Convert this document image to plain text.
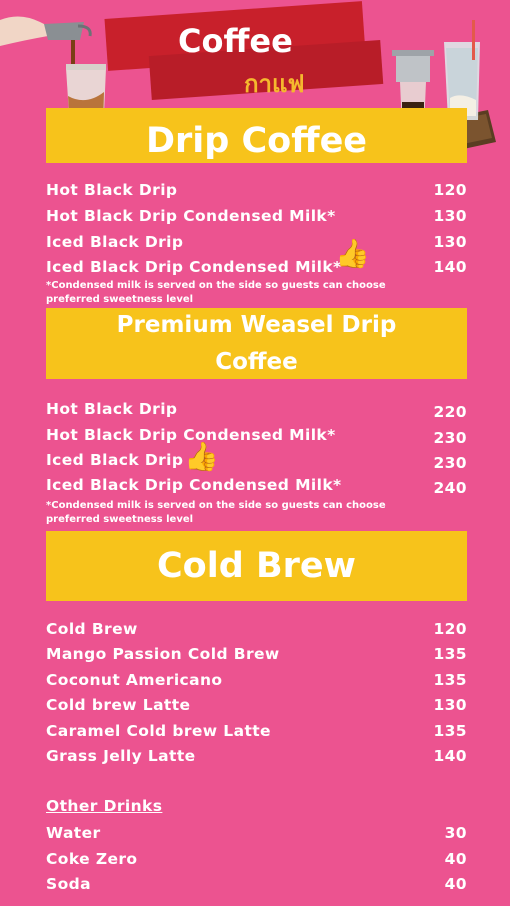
Coffee
กาแฟ
Drip Coffee
Hot Black Drip	120
Hot Black Drip Condensed Milk*	130
Iced Black Drip	130
Iced Black Drip Condensed Milk*	140
👍
*Condensed milk is served on the side so guests can choose preferred sweetness level
Premium Weasel Drip
Coffee
Hot Black Drip	220
Hot Black Drip Condensed Milk*	230
Iced Black Drip	230
👍
Iced Black Drip Condensed Milk*	240
*Condensed milk is served on the side so guests can choose preferred sweetness level
Cold Brew
Cold Brew	120
Mango Passion Cold Brew	135
Coconut Americano	135
Cold brew Latte	130
Caramel Cold brew Latte	135
Grass Jelly Latte	140
Other Drinks
Water	30
Coke Zero	40
Soda	40
